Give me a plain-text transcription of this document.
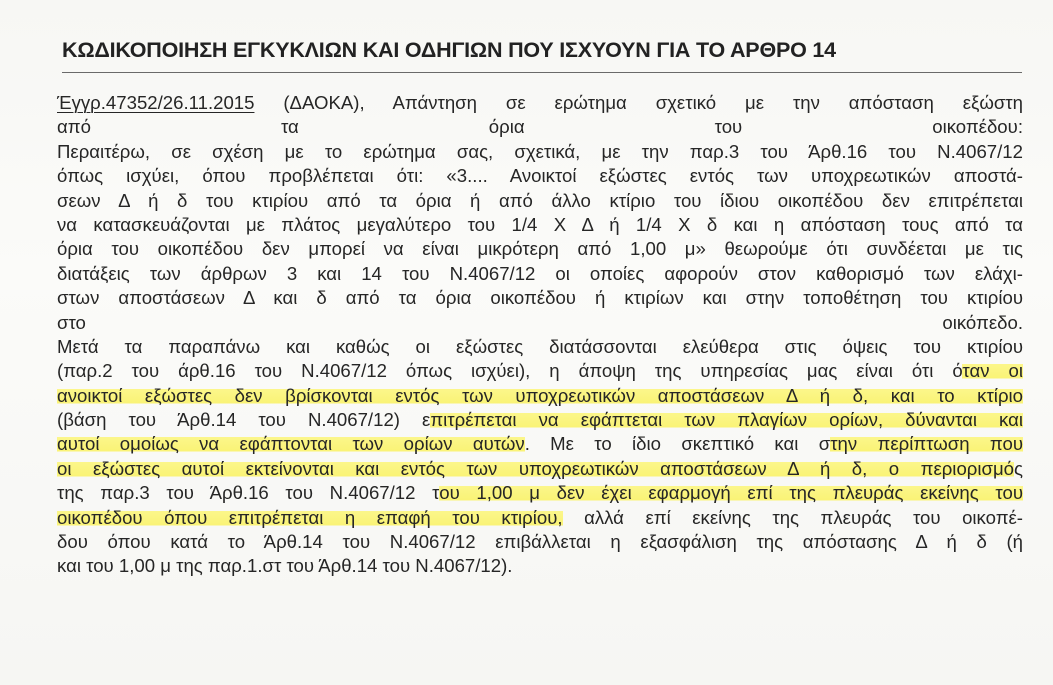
ΚΩΔΙΚΟΠΟΙΗΣΗ ΕΓΚΥΚΛΙΩΝ ΚΑΙ ΟΔΗΓΙΩΝ ΠΟΥ ΙΣΧΥΟΥΝ ΓΙΑ ΤΟ ΑΡΘΡΟ 14
Έγγρ.47352/26.11.2015 (ΔΑΟΚΑ), Απάντηση σε ερώτημα σχετικό με την απόσταση εξώστη
από τα όρια του οικοπέδου:
Περαιτέρω, σε σχέση με το ερώτημα σας, σχετικά, με την παρ.3 του Άρθ.16 του Ν.4067/12
όπως ισχύει, όπου προβλέπεται ότι: «3.... Ανοικτοί εξώστες εντός των υποχρεωτικών αποστά-
σεων Δ ή δ του κτιρίου από τα όρια ή από άλλο κτίριο του ίδιου οικοπέδου δεν επιτρέπεται
να κατασκευάζονται με πλάτος μεγαλύτερο του 1/4 Χ Δ ή 1/4 Χ δ και η απόσταση τους από τα
όρια του οικοπέδου δεν μπορεί να είναι μικρότερη από 1,00 μ» θεωρούμε ότι συνδέεται με τις
διατάξεις των άρθρων 3 και 14 του Ν.4067/12 οι οποίες αφορούν στον καθορισμό των ελάχι-
στων αποστάσεων Δ και δ από τα όρια οικοπέδου ή κτιρίων και στην τοποθέτηση του κτιρίου
στο οικόπεδο.
Μετά τα παραπάνω και καθώς οι εξώστες διατάσσονται ελεύθερα στις όψεις του κτιρίου
(παρ.2 του άρθ.16 του Ν.4067/12 όπως ισχύει), η άποψη της υπηρεσίας μας είναι ότι όταν οι
ανοικτοί εξώστες δεν βρίσκονται εντός των υποχρεωτικών αποστάσεων Δ ή δ, και το κτίριο
(βάση του Άρθ.14 του Ν.4067/12) επιτρέπεται να εφάπτεται των πλαγίων ορίων, δύνανται και
αυτοί ομοίως να εφάπτονται των ορίων αυτών. Με το ίδιο σκεπτικό και στην περίπτωση που
οι εξώστες αυτοί εκτείνονται και εντός των υποχρεωτικών αποστάσεων Δ ή δ, ο περιορισμός
της παρ.3 του Άρθ.16 του Ν.4067/12 του 1,00 μ δεν έχει εφαρμογή επί της πλευράς εκείνης του
οικοπέδου όπου επιτρέπεται η επαφή του κτιρίου, αλλά επί εκείνης της πλευράς του οικοπέ-
δου όπου κατά το Άρθ.14 του Ν.4067/12 επιβάλλεται η εξασφάλιση της απόστασης Δ ή δ (ή
και του 1,00 μ της παρ.1.στ του Άρθ.14 του Ν.4067/12).
